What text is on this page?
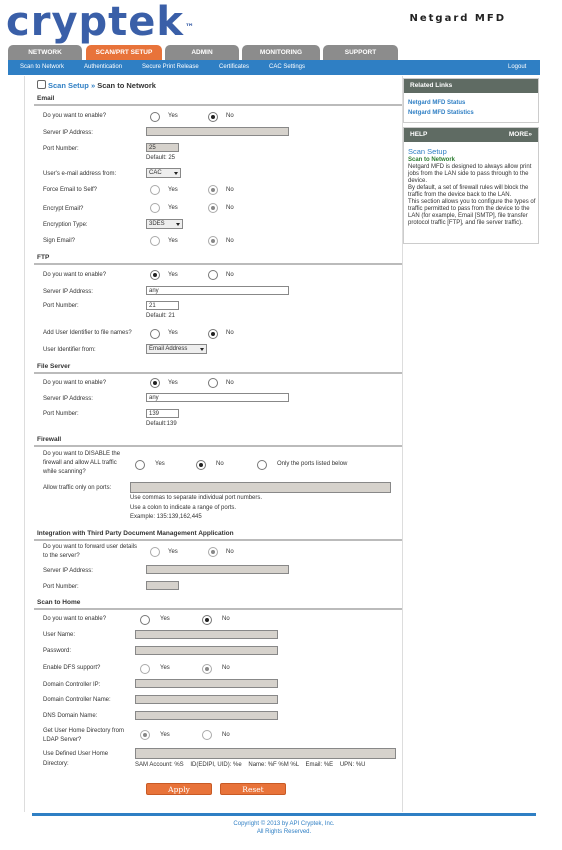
cryptek™
Netgard MFD
NETWORK	SCAN/PRT SETUP	ADMIN	MONITORING	SUPPORT
Scan to Network	Authentication	Secure Print Release	Certificates	CAC Settings	Logout
Scan Setup » Scan to Network
Email
Do you want to enable?	Yes	No
Server IP Address:
Port Number:	25
Default: 25
User's e-mail address from:	CAC
Force Email to Self?	Yes	No
Encrypt Email?	Yes	No
Encryption Type:	3DES
Sign Email?	Yes	No
FTP
Do you want to enable?	Yes	No
Server IP Address:	any
Port Number:	21
Default: 21
Add User Identifier to file names?	Yes	No
User Identifier from:	Email Address
File Server
Do you want to enable?	Yes	No
Server IP Address:	any
Port Number:	139
Default:139
Firewall
Do you want to DISABLE the
firewall and allow ALL traffic
while scanning?
Yes	No	Only the ports listed below
Allow traffic only on ports:
Use commas to separate individual port numbers.
Use a colon to indicate a range of ports.
Example: 135:139,162,445
Integration with Third Party Document Management Application
Do you want to forward user details
to the server?
Yes	No
Server IP Address:
Port Number:
Scan to Home
Do you want to enable?	Yes	No
User Name:
Password:
Enable DFS support?	Yes	No
Domain Controller IP:
Domain Controller Name:
DNS Domain Name:
Get User Home Directory from
LDAP Server?
Yes	No
Use Defined User Home
Directory:	SAM Account: %S    ID(EDIPI, UID): %e    Name: %F %M %L    Email: %E    UPN: %U
Apply	Reset
Copyright © 2013 by API Cryptek, Inc.
All Rights Reserved.
Related Links
Netgard MFD Status
Netgard MFD Statistics
HELP	MORE»
Scan Setup
Scan to Network
Netgard MFD is designed to always allow print jobs from the LAN side to pass through to the device.
By default, a set of firewall rules will block the traffic from the device back to the LAN.
This section allows you to configure the types of traffic permitted to pass from the device to the LAN (for example, Email [SMTP], file transfer protocol traffic [FTP], and file server traffic).
